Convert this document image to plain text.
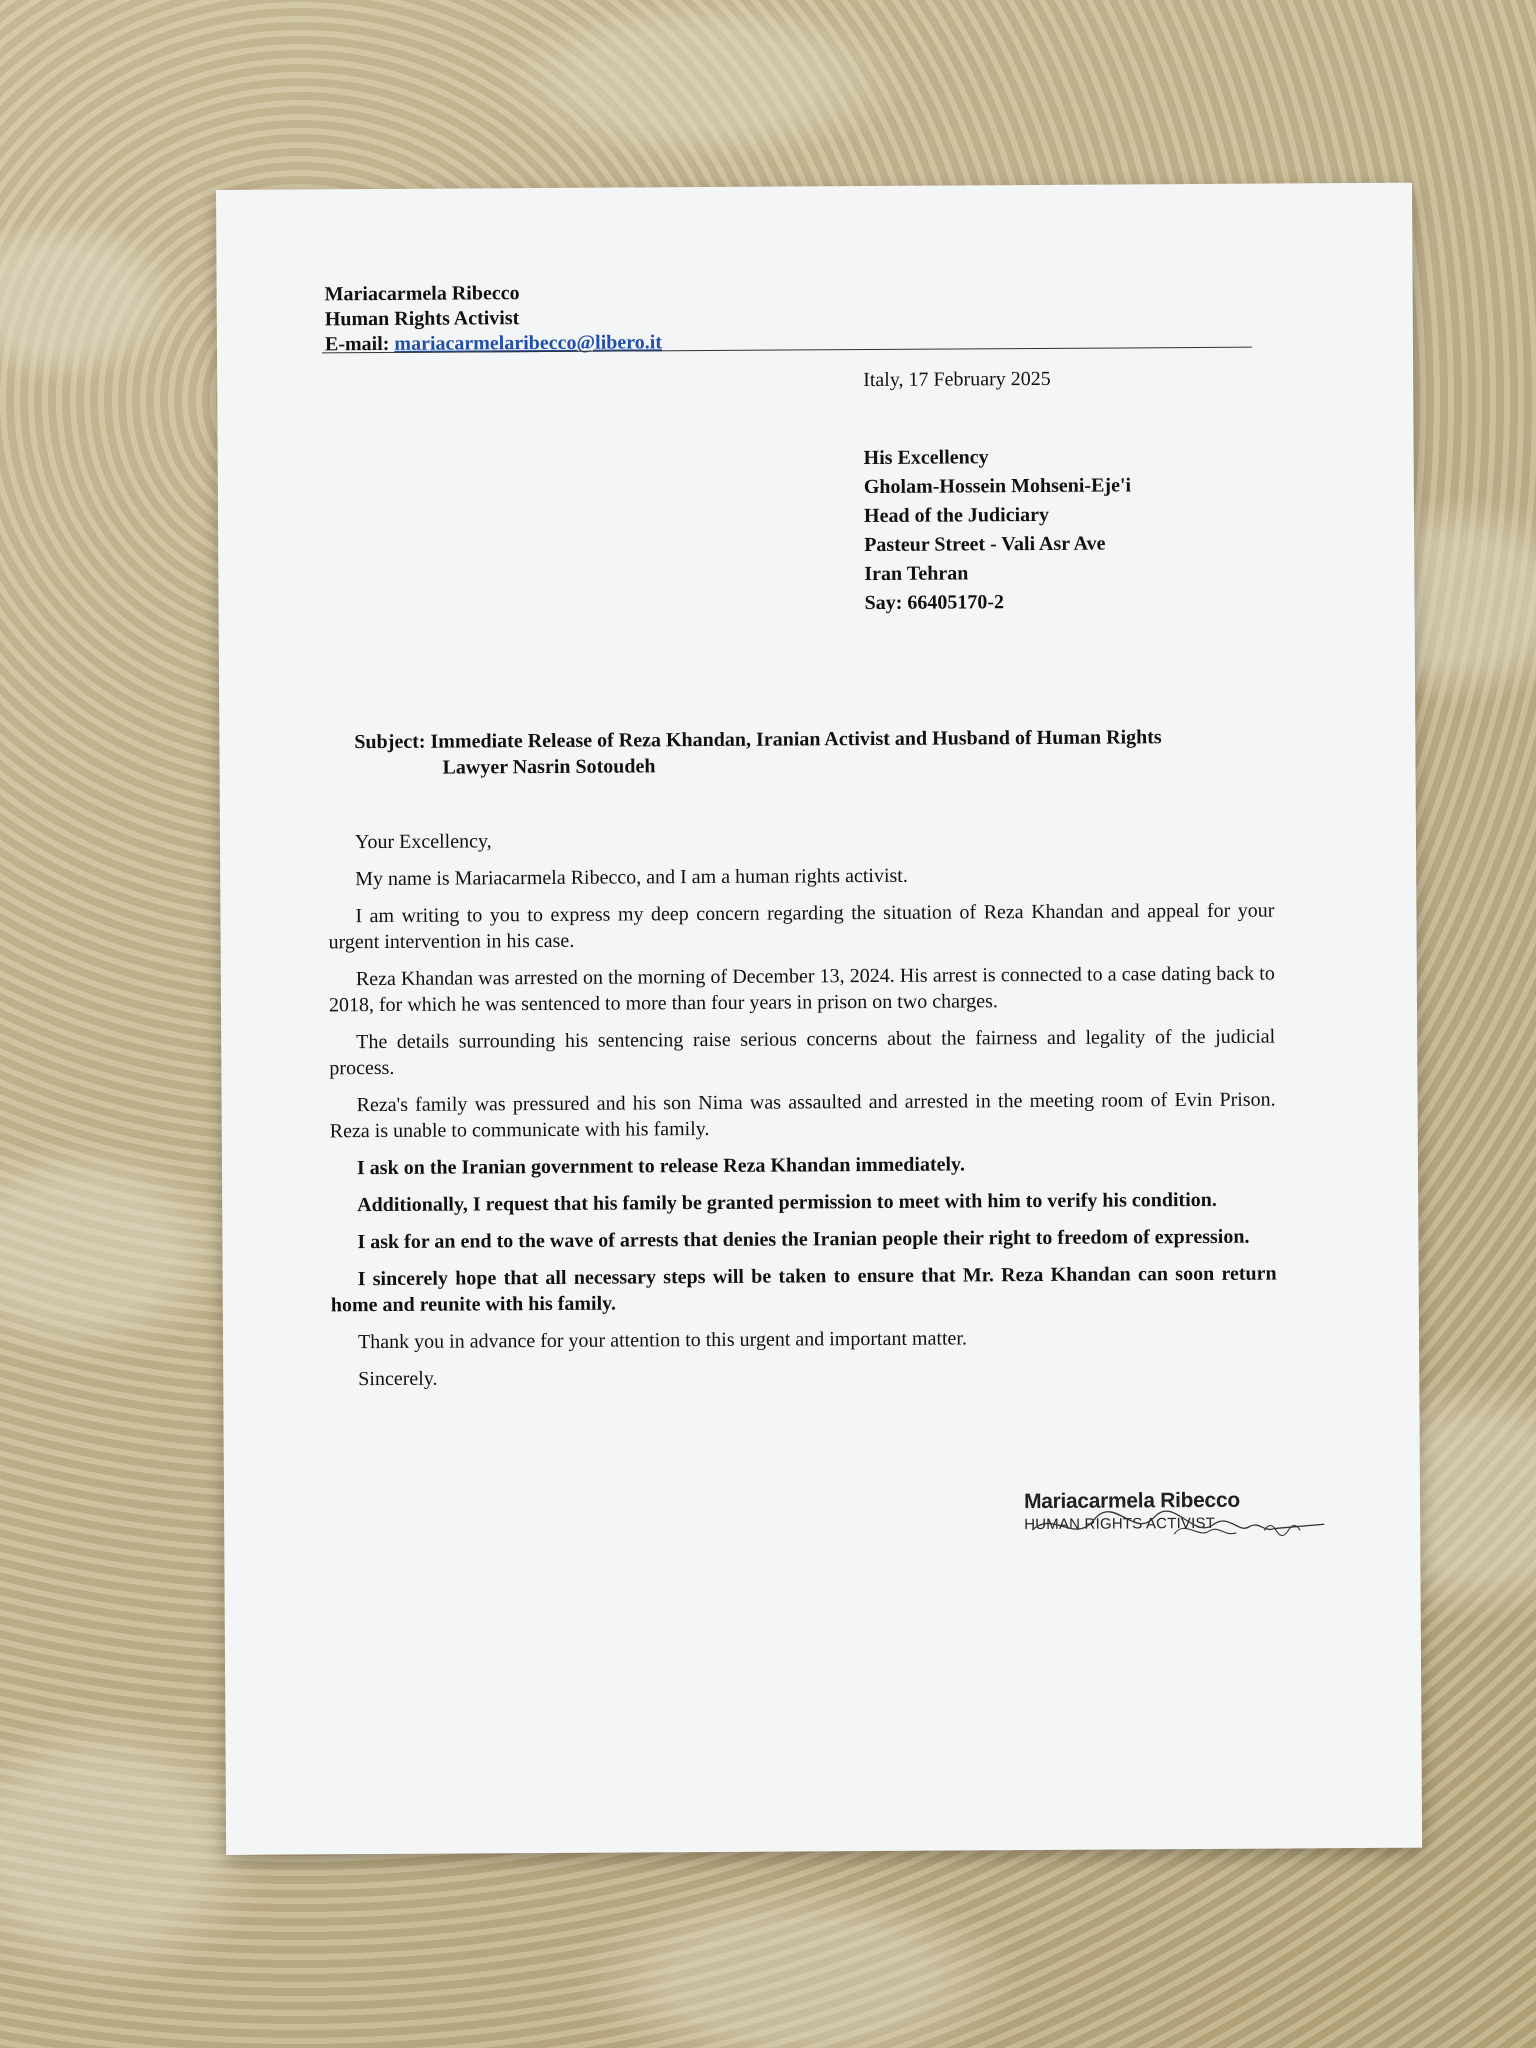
Mariacarmela Ribecco
Human Rights Activist
E-mail: mariacarmelaribecco@libero.it
Italy, 17 February 2025
His Excellency
Gholam-Hossein Mohseni-Eje'i
Head of the Judiciary
Pasteur Street - Vali Asr Ave
Iran Tehran
Say: 66405170-2
Subject: Immediate Release of Reza Khandan, Iranian Activist and Husband of Human Rights
Lawyer Nasrin Sotoudeh

Your Excellency,

My name is Mariacarmela Ribecco, and I am a human rights activist.

I am writing to you to express my deep concern regarding the situation of Reza Khandan and appeal for your urgent intervention in his case.

Reza Khandan was arrested on the morning of December 13, 2024. His arrest is connected to a case dating back to 2018, for which he was sentenced to more than four years in prison on two charges.

The details surrounding his sentencing raise serious concerns about the fairness and legality of the judicial process.

Reza's family was pressured and his son Nima was assaulted and arrested in the meeting room of Evin Prison. Reza is unable to communicate with his family.

I ask on the Iranian government to release Reza Khandan immediately.

Additionally, I request that his family be granted permission to meet with him to verify his condition.

I ask for an end to the wave of arrests that denies the Iranian people their right to freedom of expression.

I sincerely hope that all necessary steps will be taken to ensure that Mr. Reza Khandan can soon return home and reunite with his family.

Thank you in advance for your attention to this urgent and important matter.

Sincerely.

Mariacarmela Ribecco
HUMAN RIGHTS ACTIVIST
